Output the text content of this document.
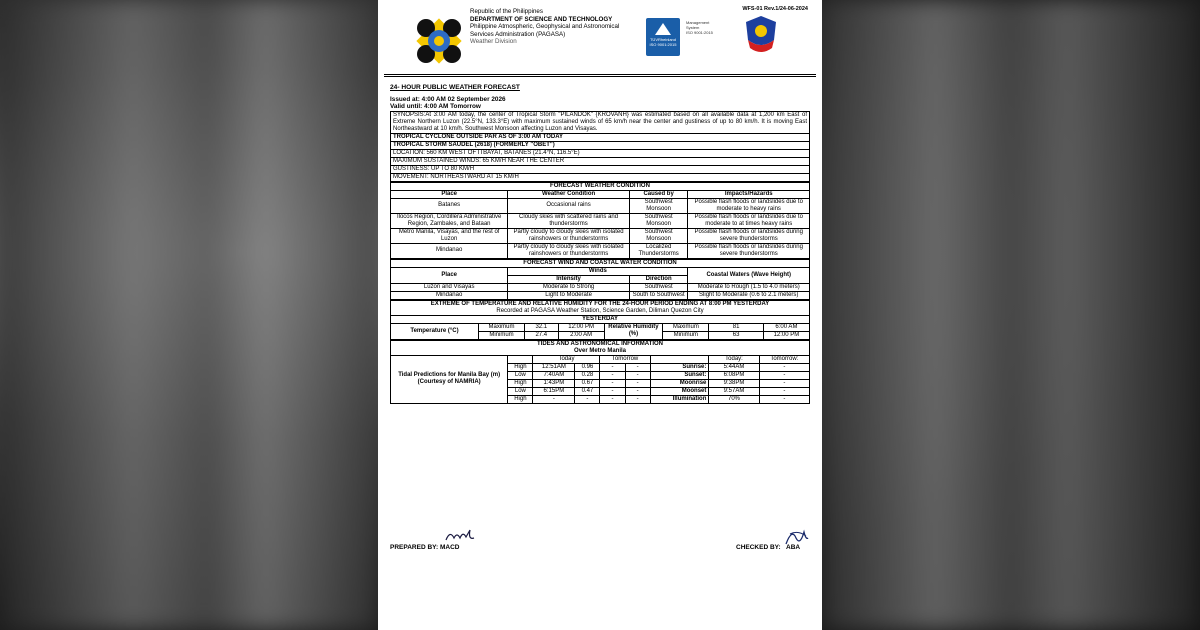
Republic of the Philippines
DEPARTMENT OF SCIENCE AND TECHNOLOGY
Philippine Atmospheric, Geophysical and Astronomical
Services Administration (PAGASA)
Weather Division	TÜVRheinland
ISO 9001:2015
Management
System
ISO 9001:2015
WFS-01 Rev.1/24-06-2024
24- HOUR PUBLIC WEATHER FORECAST
Issued at: 4:00 AM 02 September 2026
Valid until: 4:00 AM Tomorrow
SYNOPSIS:At 3:00 AM today, the center of Tropical Storm "PILANDOK" {KROVANH} was estimated based on all available data at 1,200 km East of Extreme Northern Luzon (22.5°N, 133.3°E) with maximum sustained winds of 65 km/h near the center and gustiness of up to 80 km/h. It is moving East Northeastward at 10 km/h. Southwest Monsoon affecting Luzon and Visayas.
TROPICAL CYCLONE OUTSIDE PAR AS OF 3:00 AM TODAY
TROPICAL STORM SAUDEL (2618) (FORMERLY "OBET")
LOCATION: 560 KM WEST OF ITBAYAT, BATANES (21.4°N, 116.5°E)
MAXIMUM SUSTAINED WINDS: 65 KM/H NEAR THE CENTER
GUSTINESS: UP TO 80 KM/H
MOVEMENT: NORTHEASTWARD AT 15 KM/H
FORECAST WEATHER CONDITION			
Place	Weather Condition	Caused by	Impacts/Hazards
Batanes	Occasional rains	Southwest Monsoon	Possible flash floods or landslides due to moderate to heavy rains
Ilocos Region, Cordillera Administrative Region, Zambales, and Bataan	Cloudy skies with scattered rains and thunderstorms	Southwest Monsoon	Possible flash floods or landslides due to moderate to at times heavy rains
Metro Manila, Visayas, and the rest of Luzon	Partly cloudy to cloudy skies with isolated rainshowers or thunderstorms	Southwest Monsoon	Possible flash floods or landslides during severe thunderstorms
Mindanao	Partly cloudy to cloudy skies with isolated rainshowers or thunderstorms	Localized Thunderstorms	Possible flash floods or landslides during severe thunderstorms
FORECAST WIND AND COASTAL WATER CONDITION			
Place	Winds		Coastal Waters (Wave Height)
	Intensity	Direction	
Luzon and Visayas	Moderate to Strong	Southwest	Moderate to Rough (1.5 to 4.0 meters)
Mindanao	Light to Moderate	South to Southwest	Slight to Moderate (0.6 to 2.1 meters)
EXTREME OF TEMPERATURE AND RELATIVE HUMIDITY FOR THE 24-HOUR PERIOD ENDING AT 8:00 PM YESTERDAY
Recorded at PAGASA Weather Station, Science Garden, Diliman Quezon City							

YESTERDAY							
Temperature (°C)	Maximum	32.1	12:00 PM	Relative Humidity (%)	Maximum	81	6:00 AM
	Minimum	27.4	2:00 AM		Minimum	63	12:00 PM
TIDES AND ASTRONOMICAL INFORMATION
Over Metro Manila								

Tidal Predictions for Manila Bay (m) (Courtesy of NAMRIA)		Today		Tomorrow			Today:	Tomorrow:
	High	12:51AM	0.96	-	-	Sunrise:	5:44AM	-
	Low	7:40AM	0.28	-	-	Sunset:	6:08PM	-
	High	1:43PM	0.67	-	-	Moonrise	9:38PM	-
	Low	6:15PM	0.47	-	-	Moonset	9:57AM	-
	High	-	-	-	-	Illumination	70%	-
PREPARED BY: MACD	CHECKED BY: ABA
